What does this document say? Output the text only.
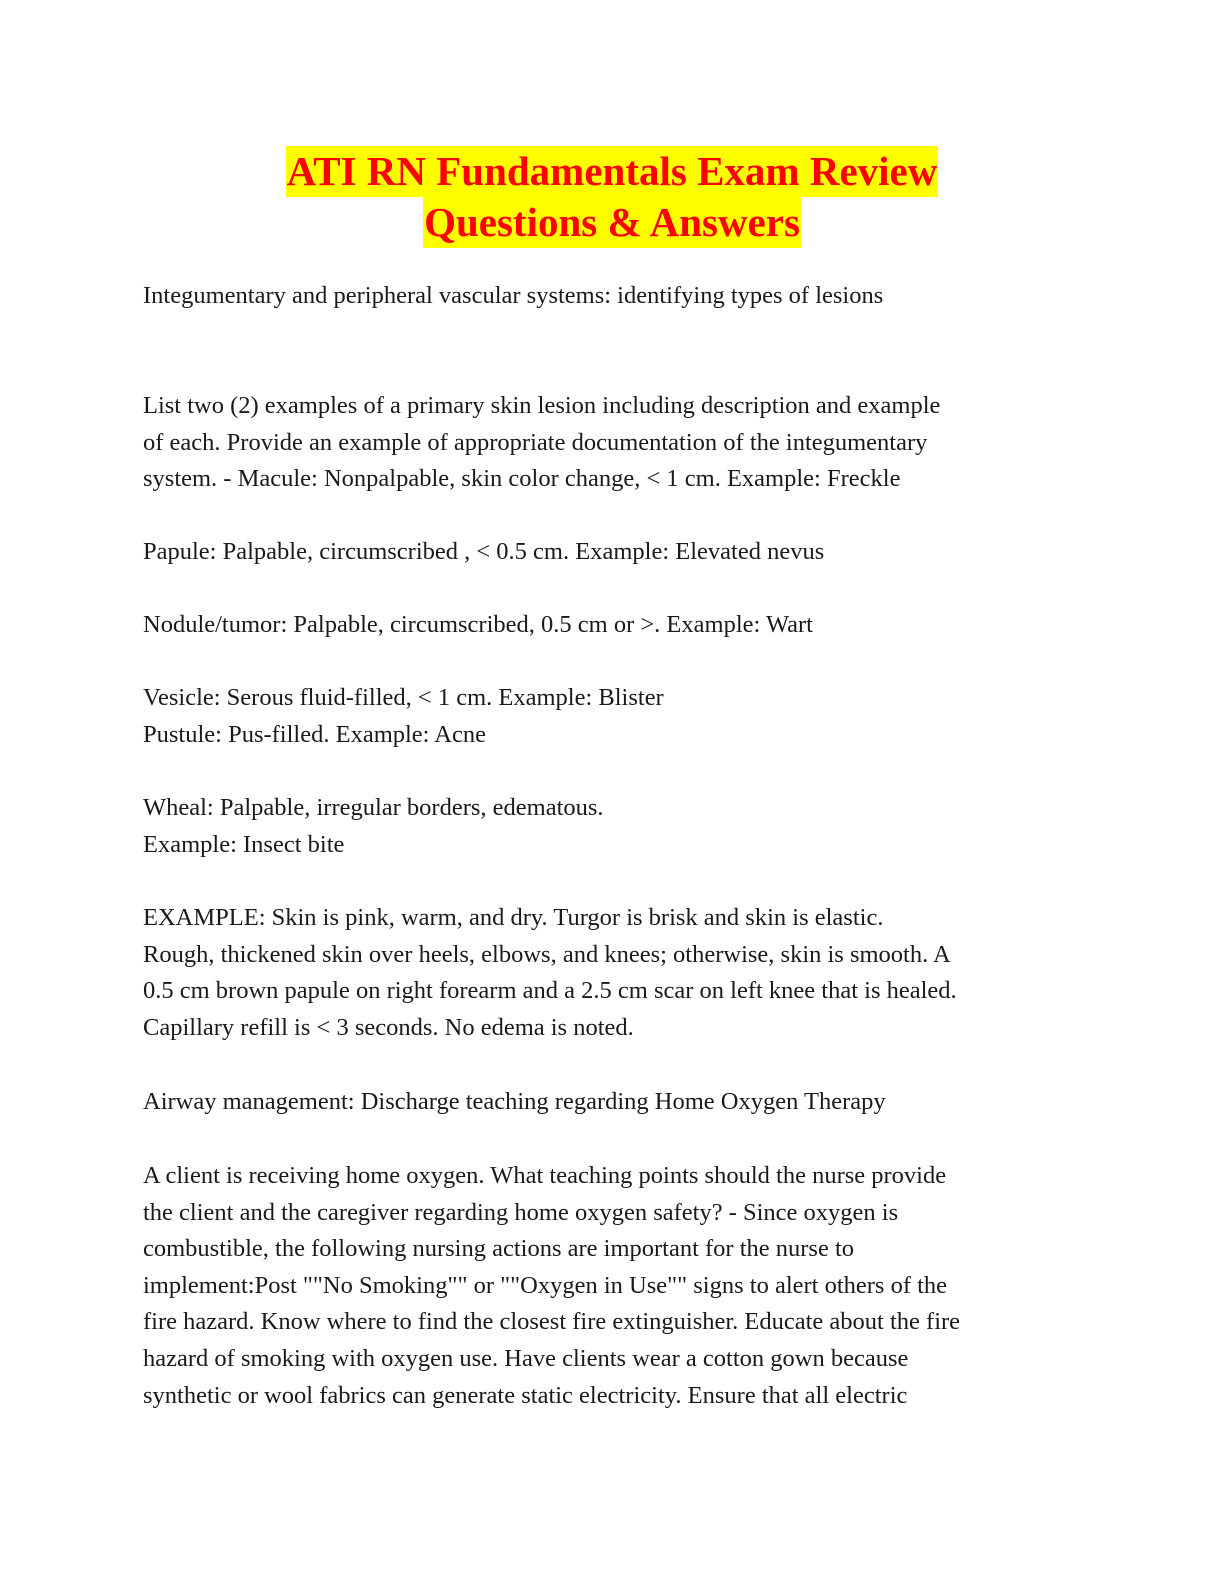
ATI RN Fundamentals Exam Review
Questions & Answers

Integumentary and peripheral vascular systems: identifying types of lesions

List two (2) examples of a primary skin lesion including description and example
of each. Provide an example of appropriate documentation of the integumentary
system. - Macule: Nonpalpable, skin color change, < 1 cm. Example: Freckle

Papule: Palpable, circumscribed , < 0.5 cm. Example: Elevated nevus

Nodule/tumor: Palpable, circumscribed, 0.5 cm or >. Example: Wart

Vesicle: Serous fluid-filled, < 1 cm. Example: Blister
Pustule: Pus-filled. Example: Acne

Wheal: Palpable, irregular borders, edematous.
Example: Insect bite

EXAMPLE: Skin is pink, warm, and dry. Turgor is brisk and skin is elastic.
Rough, thickened skin over heels, elbows, and knees; otherwise, skin is smooth. A
0.5 cm brown papule on right forearm and a 2.5 cm scar on left knee that is healed.
Capillary refill is < 3 seconds. No edema is noted.

Airway management: Discharge teaching regarding Home Oxygen Therapy

A client is receiving home oxygen. What teaching points should the nurse provide
the client and the caregiver regarding home oxygen safety? - Since oxygen is
combustible, the following nursing actions are important for the nurse to
implement:Post ""No Smoking"" or ""Oxygen in Use"" signs to alert others of the
fire hazard. Know where to find the closest fire extinguisher. Educate about the fire
hazard of smoking with oxygen use. Have clients wear a cotton gown because
synthetic or wool fabrics can generate static electricity. Ensure that all electric
